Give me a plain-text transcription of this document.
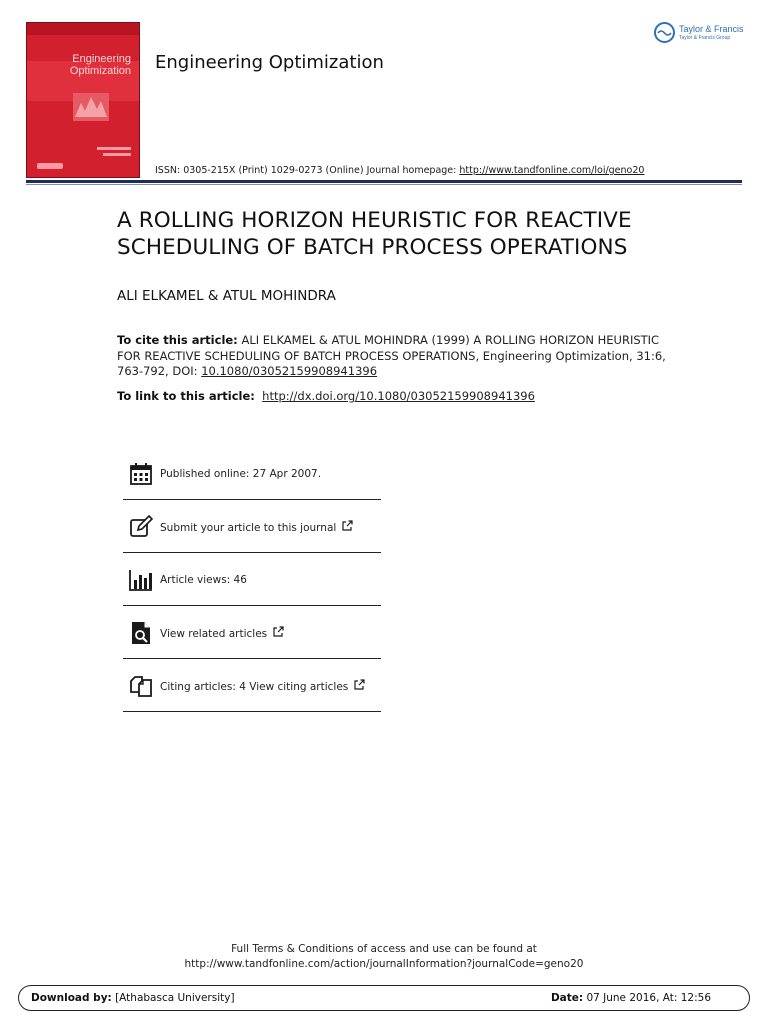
Engineering
Optimization Engineering Optimization
Taylor & Francis
Taylor & Francis Group
ISSN: 0305-215X (Print) 1029-0273 (Online) Journal homepage: http://www.tandfonline.com/loi/geno20
A ROLLING HORIZON HEURISTIC FOR REACTIVE
SCHEDULING OF BATCH PROCESS OPERATIONS
ALI ELKAMEL & ATUL MOHINDRA
To cite this article: ALI ELKAMEL & ATUL MOHINDRA (1999) A ROLLING HORIZON HEURISTIC FOR REACTIVE SCHEDULING OF BATCH PROCESS OPERATIONS, Engineering Optimization, 31:6, 763-792, DOI: 10.1080/03052159908941396
To link to this article: http://dx.doi.org/10.1080/03052159908941396
Published online: 27 Apr 2007.
Submit your article to this journal
Article views: 46
View related articles
Citing articles: 4 View citing articles
Full Terms & Conditions of access and use can be found at
http://www.tandfonline.com/action/journalInformation?journalCode=geno20
Download by: [Athabasca University]	Date: 07 June 2016, At: 12:56
